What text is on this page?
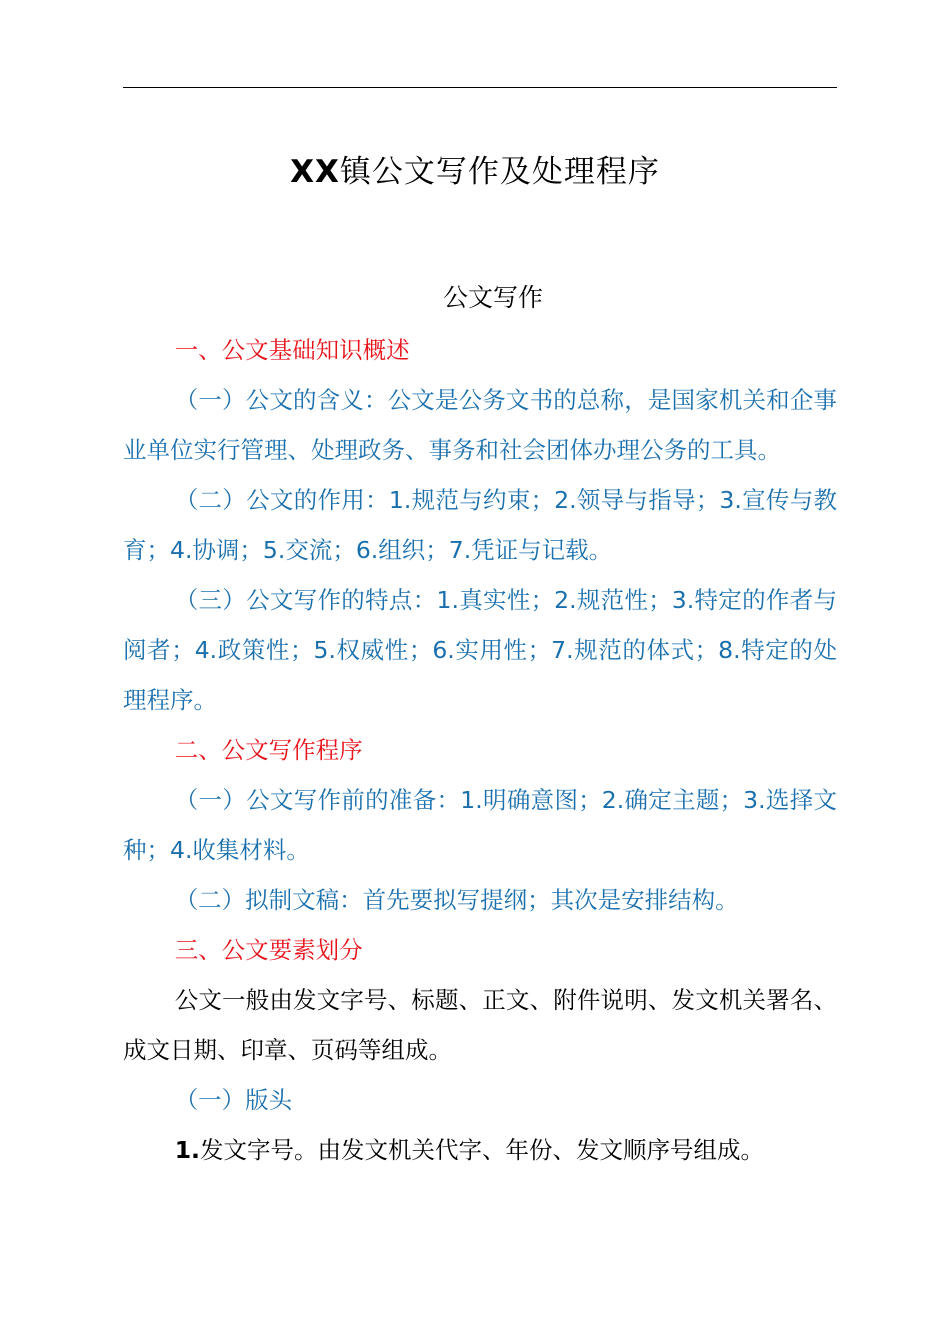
XX镇公文写作及处理程序
公文写作

一、公文基础知识概述

（一）公文的含义：公文是公务文书的总称，是国家机关和企事业单位实行管理、处理政务、事务和社会团体办理公务的工具。

（二）公文的作用：1.规范与约束；2.领导与指导；3.宣传与教育；4.协调；5.交流；6.组织；7.凭证与记载。

（三）公文写作的特点：1.真实性；2.规范性；3.特定的作者与阅者；4.政策性；5.权威性；6.实用性；7.规范的体式；8.特定的处理程序。

二、公文写作程序

（一）公文写作前的准备：1.明确意图；2.确定主题；3.选择文种；4.收集材料。

（二）拟制文稿：首先要拟写提纲；其次是安排结构。

三、公文要素划分

公文一般由发文字号、标题、正文、附件说明、发文机关署名、成文日期、印章、页码等组成。

（一）版头

1.发文字号。由发文机关代字、年份、发文顺序号组成。
